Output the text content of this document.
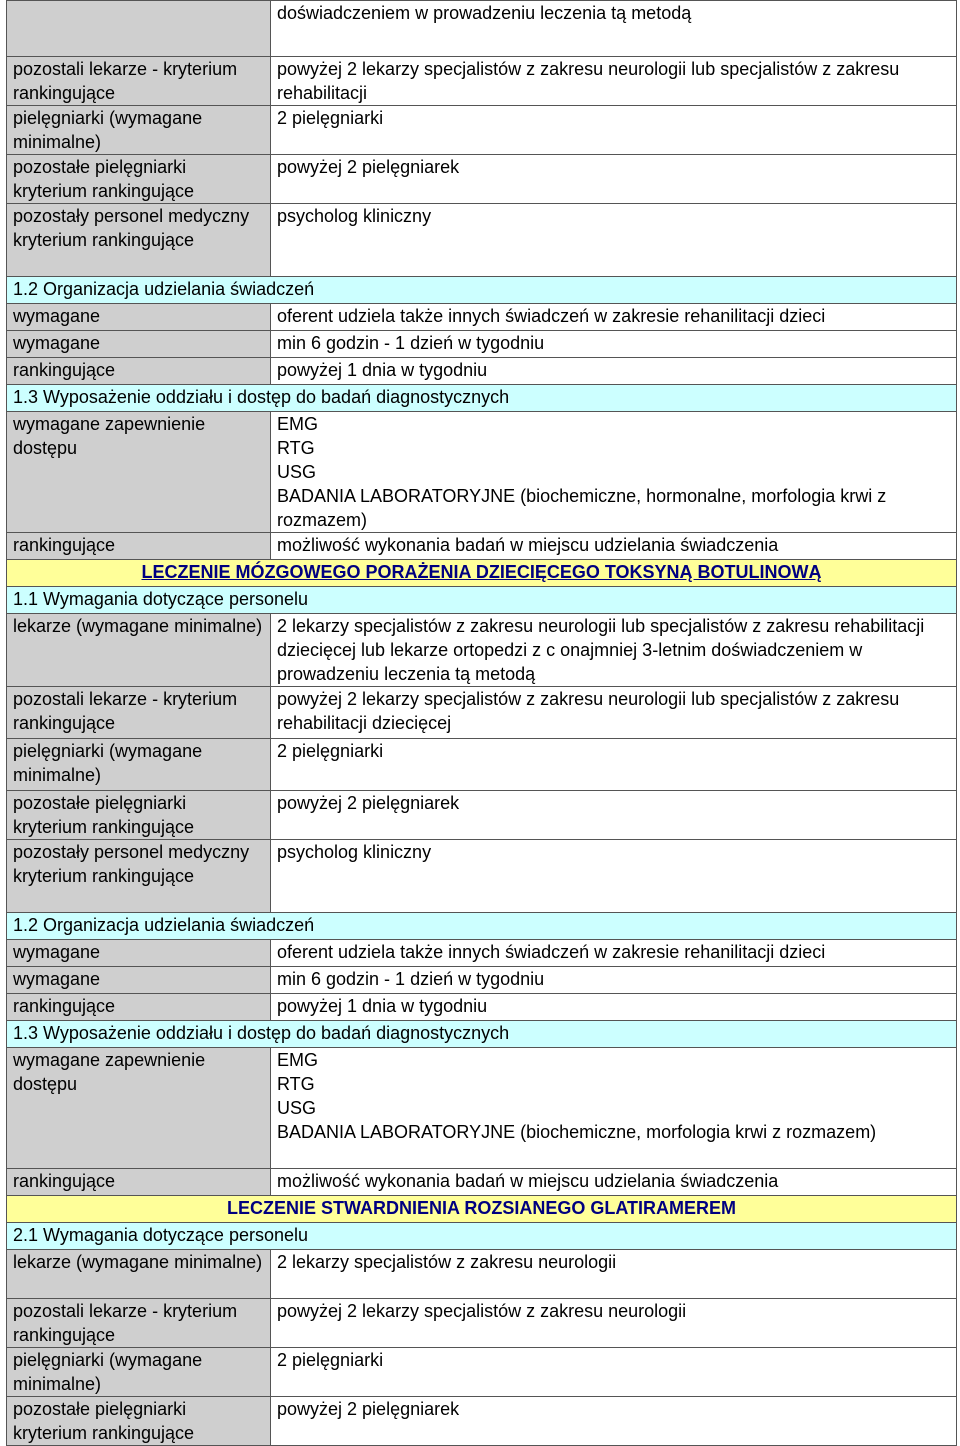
	doświadczeniem w prowadzeniu leczenia tą metodą
pozostali lekarze - kryterium rankingujące	powyżej 2 lekarzy specjalistów z zakresu neurologii lub specjalistów z zakresu rehabilitacji
pielęgniarki (wymagane minimalne)	2 pielęgniarki
pozostałe pielęgniarki kryterium rankingujące	powyżej 2 pielęgniarek
pozostały personel medyczny kryterium rankingujące	psycholog kliniczny
1.2 Organizacja udzielania świadczeń	
wymagane	oferent udziela także innych świadczeń w zakresie rehanilitacji dzieci
wymagane	min 6 godzin - 1 dzień w tygodniu
rankingujące	powyżej 1 dnia w tygodniu
1.3 Wyposażenie oddziału i dostęp do badań diagnostycznych	
wymagane zapewnienie dostępu	EMG
RTG
USG
BADANIA LABORATORYJNE (biochemiczne, hormonalne, morfologia krwi z rozmazem)

rankingujące	możliwość wykonania badań w miejscu udzielania świadczenia
LECZENIE MÓZGOWEGO PORAŻENIA DZIECIĘCEGO TOKSYNĄ BOTULINOWĄ	
1.1 Wymagania dotyczące personelu	
lekarze (wymagane minimalne)	2 lekarzy specjalistów z zakresu neurologii lub specjalistów z zakresu rehabilitacji dziecięcej lub lekarze ortopedzi z c onajmniej 3-letnim doświadczeniem w prowadzeniu leczenia tą metodą
pozostali lekarze - kryterium rankingujące	powyżej 2 lekarzy specjalistów z zakresu neurologii lub specjalistów z zakresu rehabilitacji dziecięcej
pielęgniarki (wymagane minimalne)	2 pielęgniarki
pozostałe pielęgniarki kryterium rankingujące	powyżej 2 pielęgniarek
pozostały personel medyczny kryterium rankingujące	psycholog kliniczny
1.2 Organizacja udzielania świadczeń	
wymagane	oferent udziela także innych świadczeń w zakresie rehanilitacji dzieci
wymagane	min 6 godzin - 1 dzień w tygodniu
rankingujące	powyżej 1 dnia w tygodniu
1.3 Wyposażenie oddziału i dostęp do badań diagnostycznych	
wymagane zapewnienie dostępu	EMG
RTG
USG
BADANIA LABORATORYJNE (biochemiczne, morfologia krwi z rozmazem)

rankingujące	możliwość wykonania badań w miejscu udzielania świadczenia
LECZENIE STWARDNIENIA ROZSIANEGO GLATIRAMEREM	
2.1 Wymagania dotyczące personelu	
lekarze (wymagane minimalne)	2 lekarzy specjalistów z zakresu neurologii
pozostali lekarze - kryterium rankingujące	powyżej 2 lekarzy specjalistów z zakresu neurologii
pielęgniarki (wymagane minimalne)	2 pielęgniarki
pozostałe pielęgniarki kryterium rankingujące	powyżej 2 pielęgniarek
